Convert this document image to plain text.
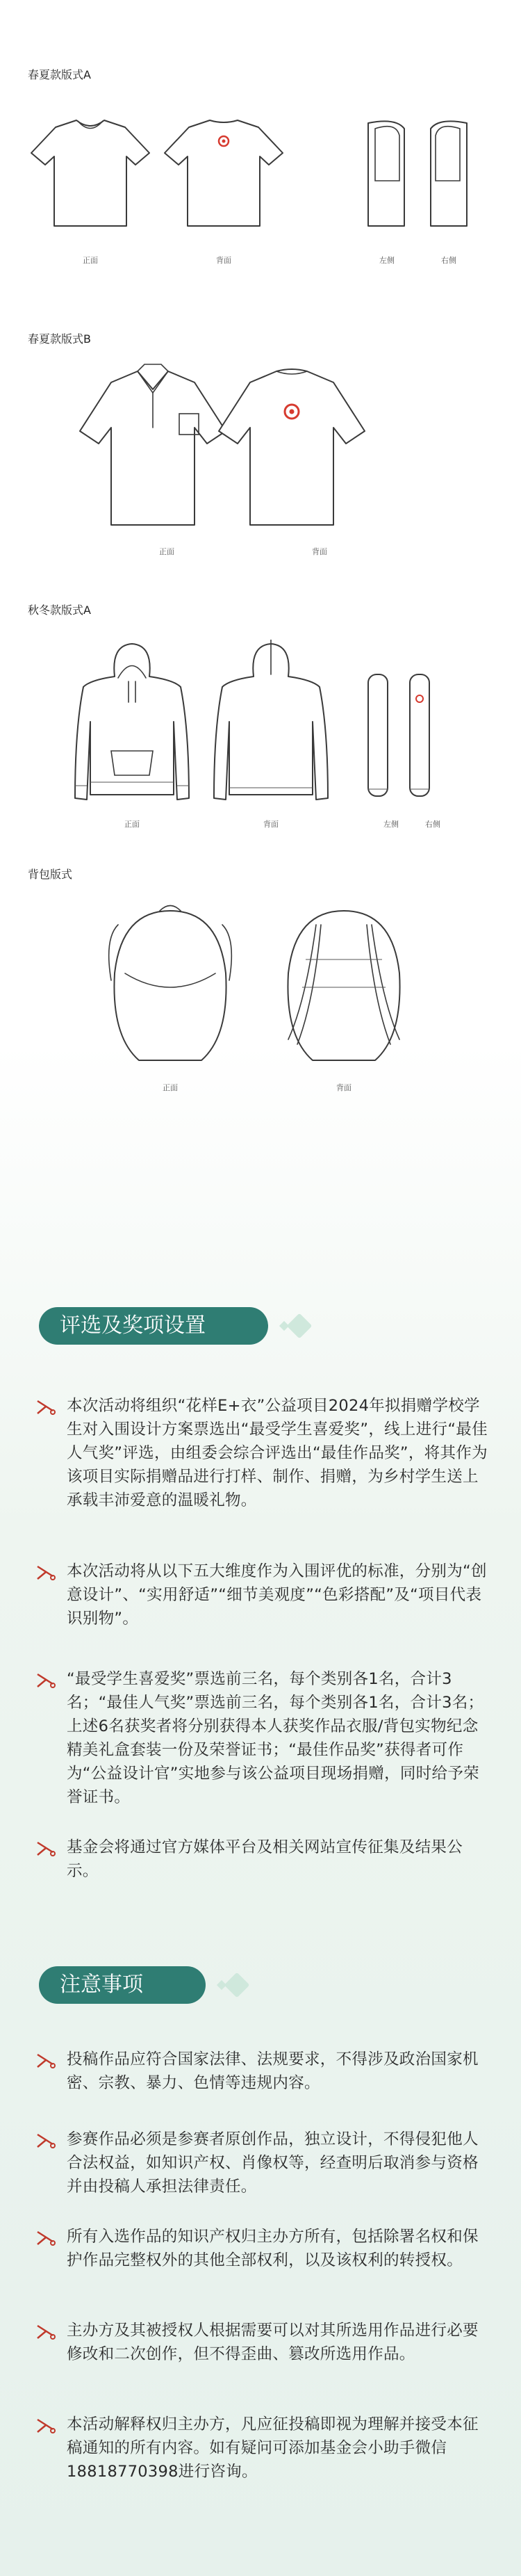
春夏款版式A
正面	背面	左侧	右侧
春夏款版式B
正面	背面
秋冬款版式A
正面	背面	左侧	右侧
背包版式
正面	背面
评选及奖项设置

本次活动将组织“花样E+衣”公益项目2024年拟捐赠学校学生对入围设计方案票选出“最受学生喜爱奖”，线上进行“最佳人气奖”评选，由组委会综合评选出“最佳作品奖”，将其作为该项目实际捐赠品进行打样、制作、捐赠，为乡村学生送上承载丰沛爱意的温暖礼物。

本次活动将从以下五大维度作为入围评优的标准，分别为“创意设计”、“实用舒适”“细节美观度”“色彩搭配”及“项目代表识别物”。

“最受学生喜爱奖”票选前三名，每个类别各1名，合计3名；“最佳人气奖”票选前三名，每个类别各1名，合计3名；上述6名获奖者将分别获得本人获奖作品衣服/背包实物纪念精美礼盒套装一份及荣誉证书；“最佳作品奖”获得者可作为“公益设计官”实地参与该公益项目现场捐赠，同时给予荣誉证书。

基金会将通过官方媒体平台及相关网站宣传征集及结果公示。

注意事项

投稿作品应符合国家法律、法规要求，不得涉及政治国家机密、宗教、暴力、色情等违规内容。

参赛作品必须是参赛者原创作品，独立设计，不得侵犯他人合法权益，如知识产权、肖像权等，经查明后取消参与资格并由投稿人承担法律责任。

所有入选作品的知识产权归主办方所有，包括除署名权和保护作品完整权外的其他全部权利，以及该权利的转授权。

主办方及其被授权人根据需要可以对其所选用作品进行必要修改和二次创作，但不得歪曲、篡改所选用作品。

本活动解释权归主办方，凡应征投稿即视为理解并接受本征稿通知的所有内容。如有疑问可添加基金会小助手微信18818770398进行咨询。
